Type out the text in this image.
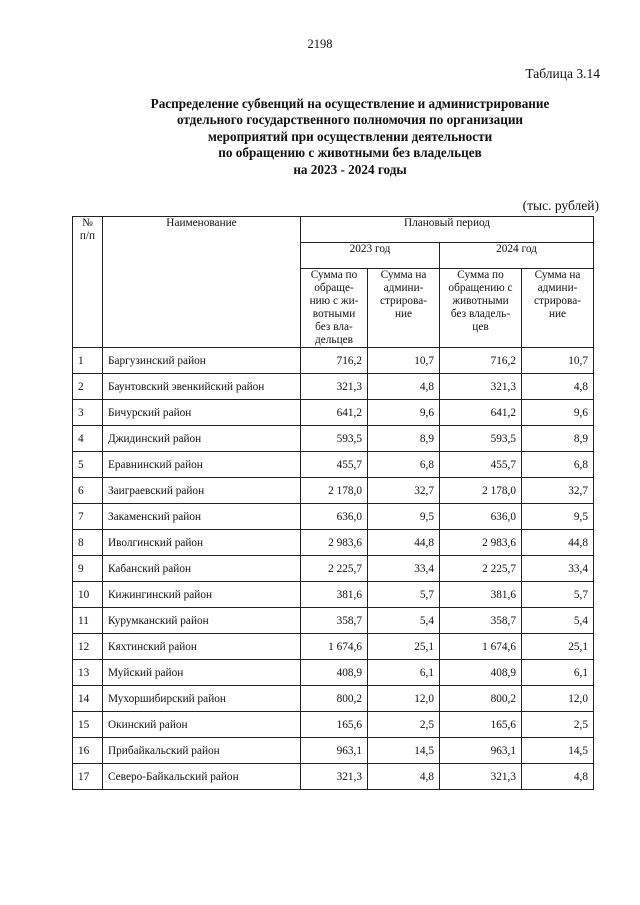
2198
Таблица 3.14
Распределение субвенций на осуществление и администрирование
отдельного государственного полномочия по организации
мероприятий при осуществлении деятельности
по обращению с животными без владельцев
на 2023 - 2024 годы
(тыс. рублей)
№ п/п	Наименование	Плановый период			
		2023 год		2024 год	
		Сумма по обраще- нию с жи- вотными без вла- дельцев	Сумма на админи- стрирова- ние	Сумма по обращению с животными без владель- цев	Сумма на админи- стрирова- ние
1	Баргузинский район	716,2	10,7	716,2	10,7
2	Баунтовский эвенкийский район	321,3	4,8	321,3	4,8
3	Бичурский район	641,2	9,6	641,2	9,6
4	Джидинский район	593,5	8,9	593,5	8,9
5	Еравнинский район	455,7	6,8	455,7	6,8
6	Заиграевский район	2 178,0	32,7	2 178,0	32,7
7	Закаменский район	636,0	9,5	636,0	9,5
8	Иволгинский район	2 983,6	44,8	2 983,6	44,8
9	Кабанский район	2 225,7	33,4	2 225,7	33,4
10	Кижингинский район	381,6	5,7	381,6	5,7
11	Курумканский район	358,7	5,4	358,7	5,4
12	Кяхтинский район	1 674,6	25,1	1 674,6	25,1
13	Муйский район	408,9	6,1	408,9	6,1
14	Мухоршибирский район	800,2	12,0	800,2	12,0
15	Окинский район	165,6	2,5	165,6	2,5
16	Прибайкальский район	963,1	14,5	963,1	14,5
17	Северо-Байкальский район	321,3	4,8	321,3	4,8
